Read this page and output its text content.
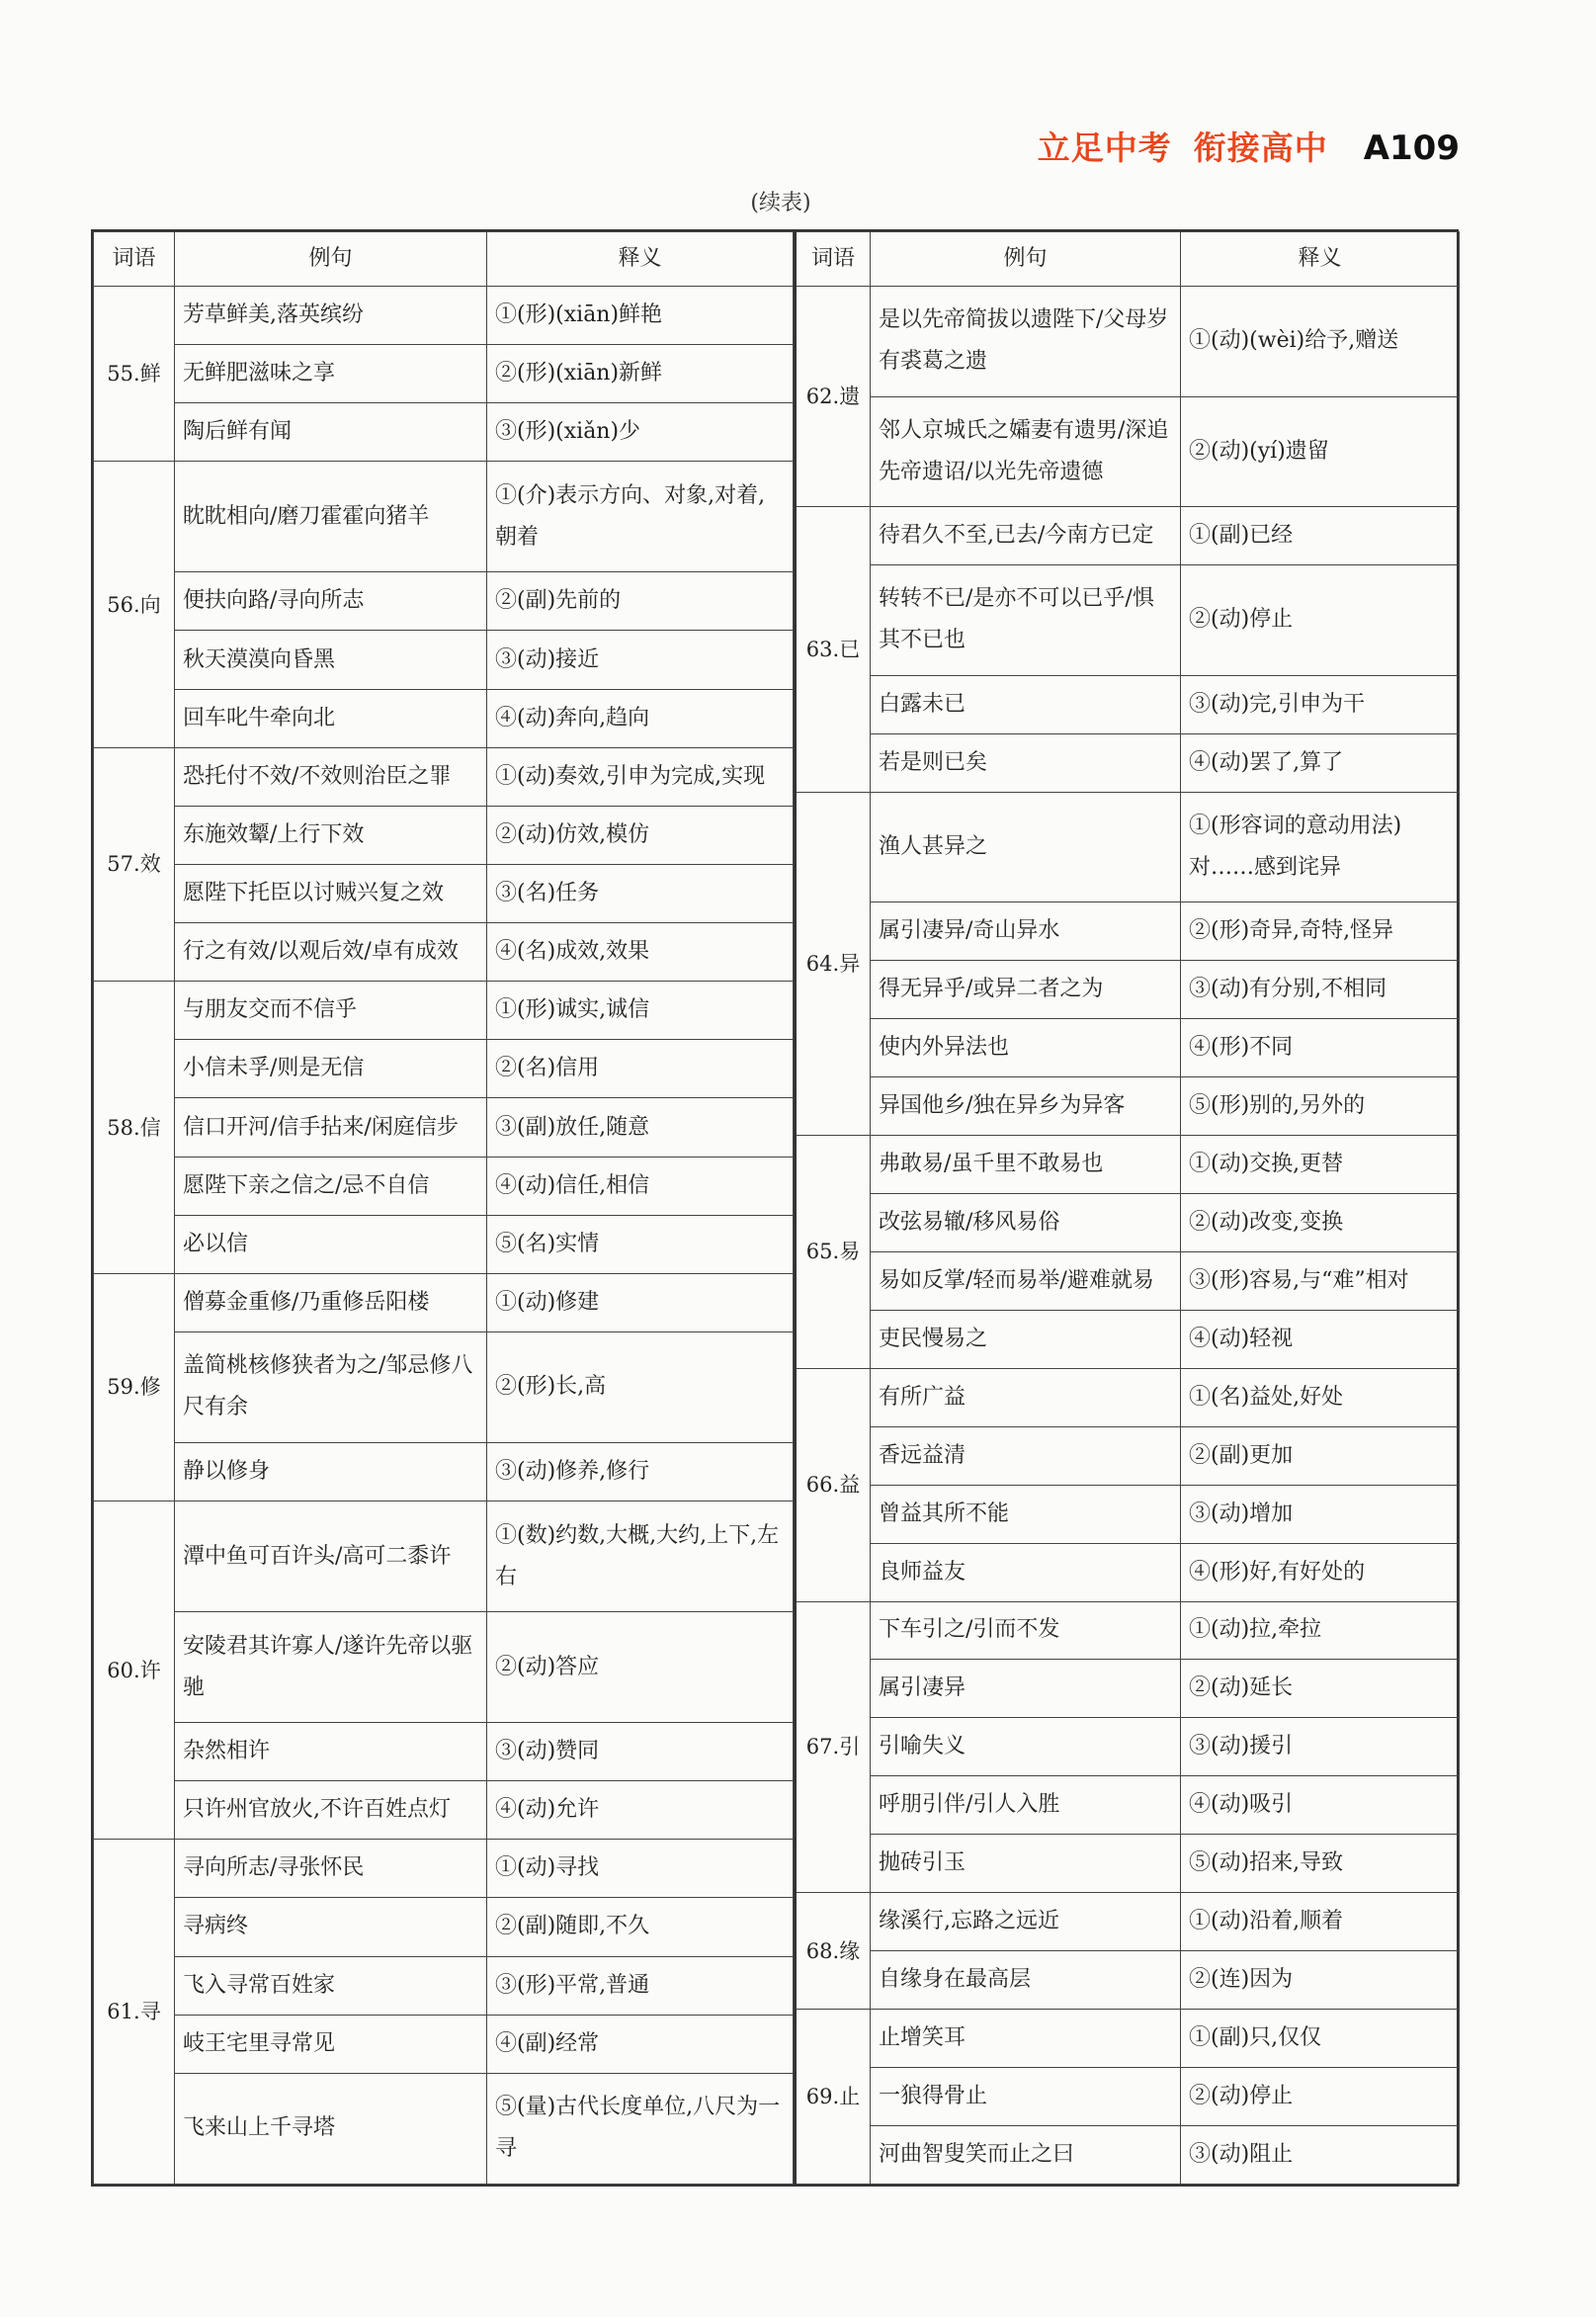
立足中考 衔接高中 A109
(续表)
词语	例句	释义
55.鲜	芳草鲜美,落英缤纷	①(形)(xiān)鲜艳
	无鲜肥滋味之享	②(形)(xiān)新鲜
	陶后鲜有闻	③(形)(xiǎn)少
56.向	眈眈相向/磨刀霍霍向猪羊	①(介)表示方向、对象,对着,朝着
	便扶向路/寻向所志	②(副)先前的
	秋天漠漠向昏黑	③(动)接近
	回车叱牛牵向北	④(动)奔向,趋向
57.效	恐托付不效/不效则治臣之罪	①(动)奏效,引申为完成,实现
	东施效颦/上行下效	②(动)仿效,模仿
	愿陛下托臣以讨贼兴复之效	③(名)任务
	行之有效/以观后效/卓有成效	④(名)成效,效果
58.信	与朋友交而不信乎	①(形)诚实,诚信
	小信未孚/则是无信	②(名)信用
	信口开河/信手拈来/闲庭信步	③(副)放任,随意
	愿陛下亲之信之/忌不自信	④(动)信任,相信
	必以信	⑤(名)实情
59.修	僧募金重修/乃重修岳阳楼	①(动)修建
	盖简桃核修狭者为之/邹忌修八尺有余	②(形)长,高
	静以修身	③(动)修养,修行
60.许	潭中鱼可百许头/高可二黍许	①(数)约数,大概,大约,上下,左右
	安陵君其许寡人/遂许先帝以驱驰	②(动)答应
	杂然相许	③(动)赞同
	只许州官放火,不许百姓点灯	④(动)允许
61.寻	寻向所志/寻张怀民	①(动)寻找
	寻病终	②(副)随即,不久
	飞入寻常百姓家	③(形)平常,普通
	岐王宅里寻常见	④(副)经常
	飞来山上千寻塔	⑤(量)古代长度单位,八尺为一寻
词语	例句	释义
62.遗	是以先帝简拔以遗陛下/父母岁有裘葛之遗	①(动)(wèi)给予,赠送
	邻人京城氏之孀妻有遗男/深追先帝遗诏/以光先帝遗德	②(动)(yí)遗留
63.已	待君久不至,已去/今南方已定	①(副)已经
	转转不已/是亦不可以已乎/惧其不已也	②(动)停止
	白露未已	③(动)完,引申为干
	若是则已矣	④(动)罢了,算了
64.异	渔人甚异之	①(形容词的意动用法)对……感到诧异
	属引凄异/奇山异水	②(形)奇异,奇特,怪异
	得无异乎/或异二者之为	③(动)有分别,不相同
	使内外异法也	④(形)不同
	异国他乡/独在异乡为异客	⑤(形)别的,另外的
65.易	弗敢易/虽千里不敢易也	①(动)交换,更替
	改弦易辙/移风易俗	②(动)改变,变换
	易如反掌/轻而易举/避难就易	③(形)容易,与“难”相对
	吏民慢易之	④(动)轻视
66.益	有所广益	①(名)益处,好处
	香远益清	②(副)更加
	曾益其所不能	③(动)增加
	良师益友	④(形)好,有好处的
67.引	下车引之/引而不发	①(动)拉,牵拉
	属引凄异	②(动)延长
	引喻失义	③(动)援引
	呼朋引伴/引人入胜	④(动)吸引
	抛砖引玉	⑤(动)招来,导致
68.缘	缘溪行,忘路之远近	①(动)沿着,顺着
	自缘身在最高层	②(连)因为
69.止	止增笑耳	①(副)只,仅仅
	一狼得骨止	②(动)停止
	河曲智叟笑而止之曰	③(动)阻止
